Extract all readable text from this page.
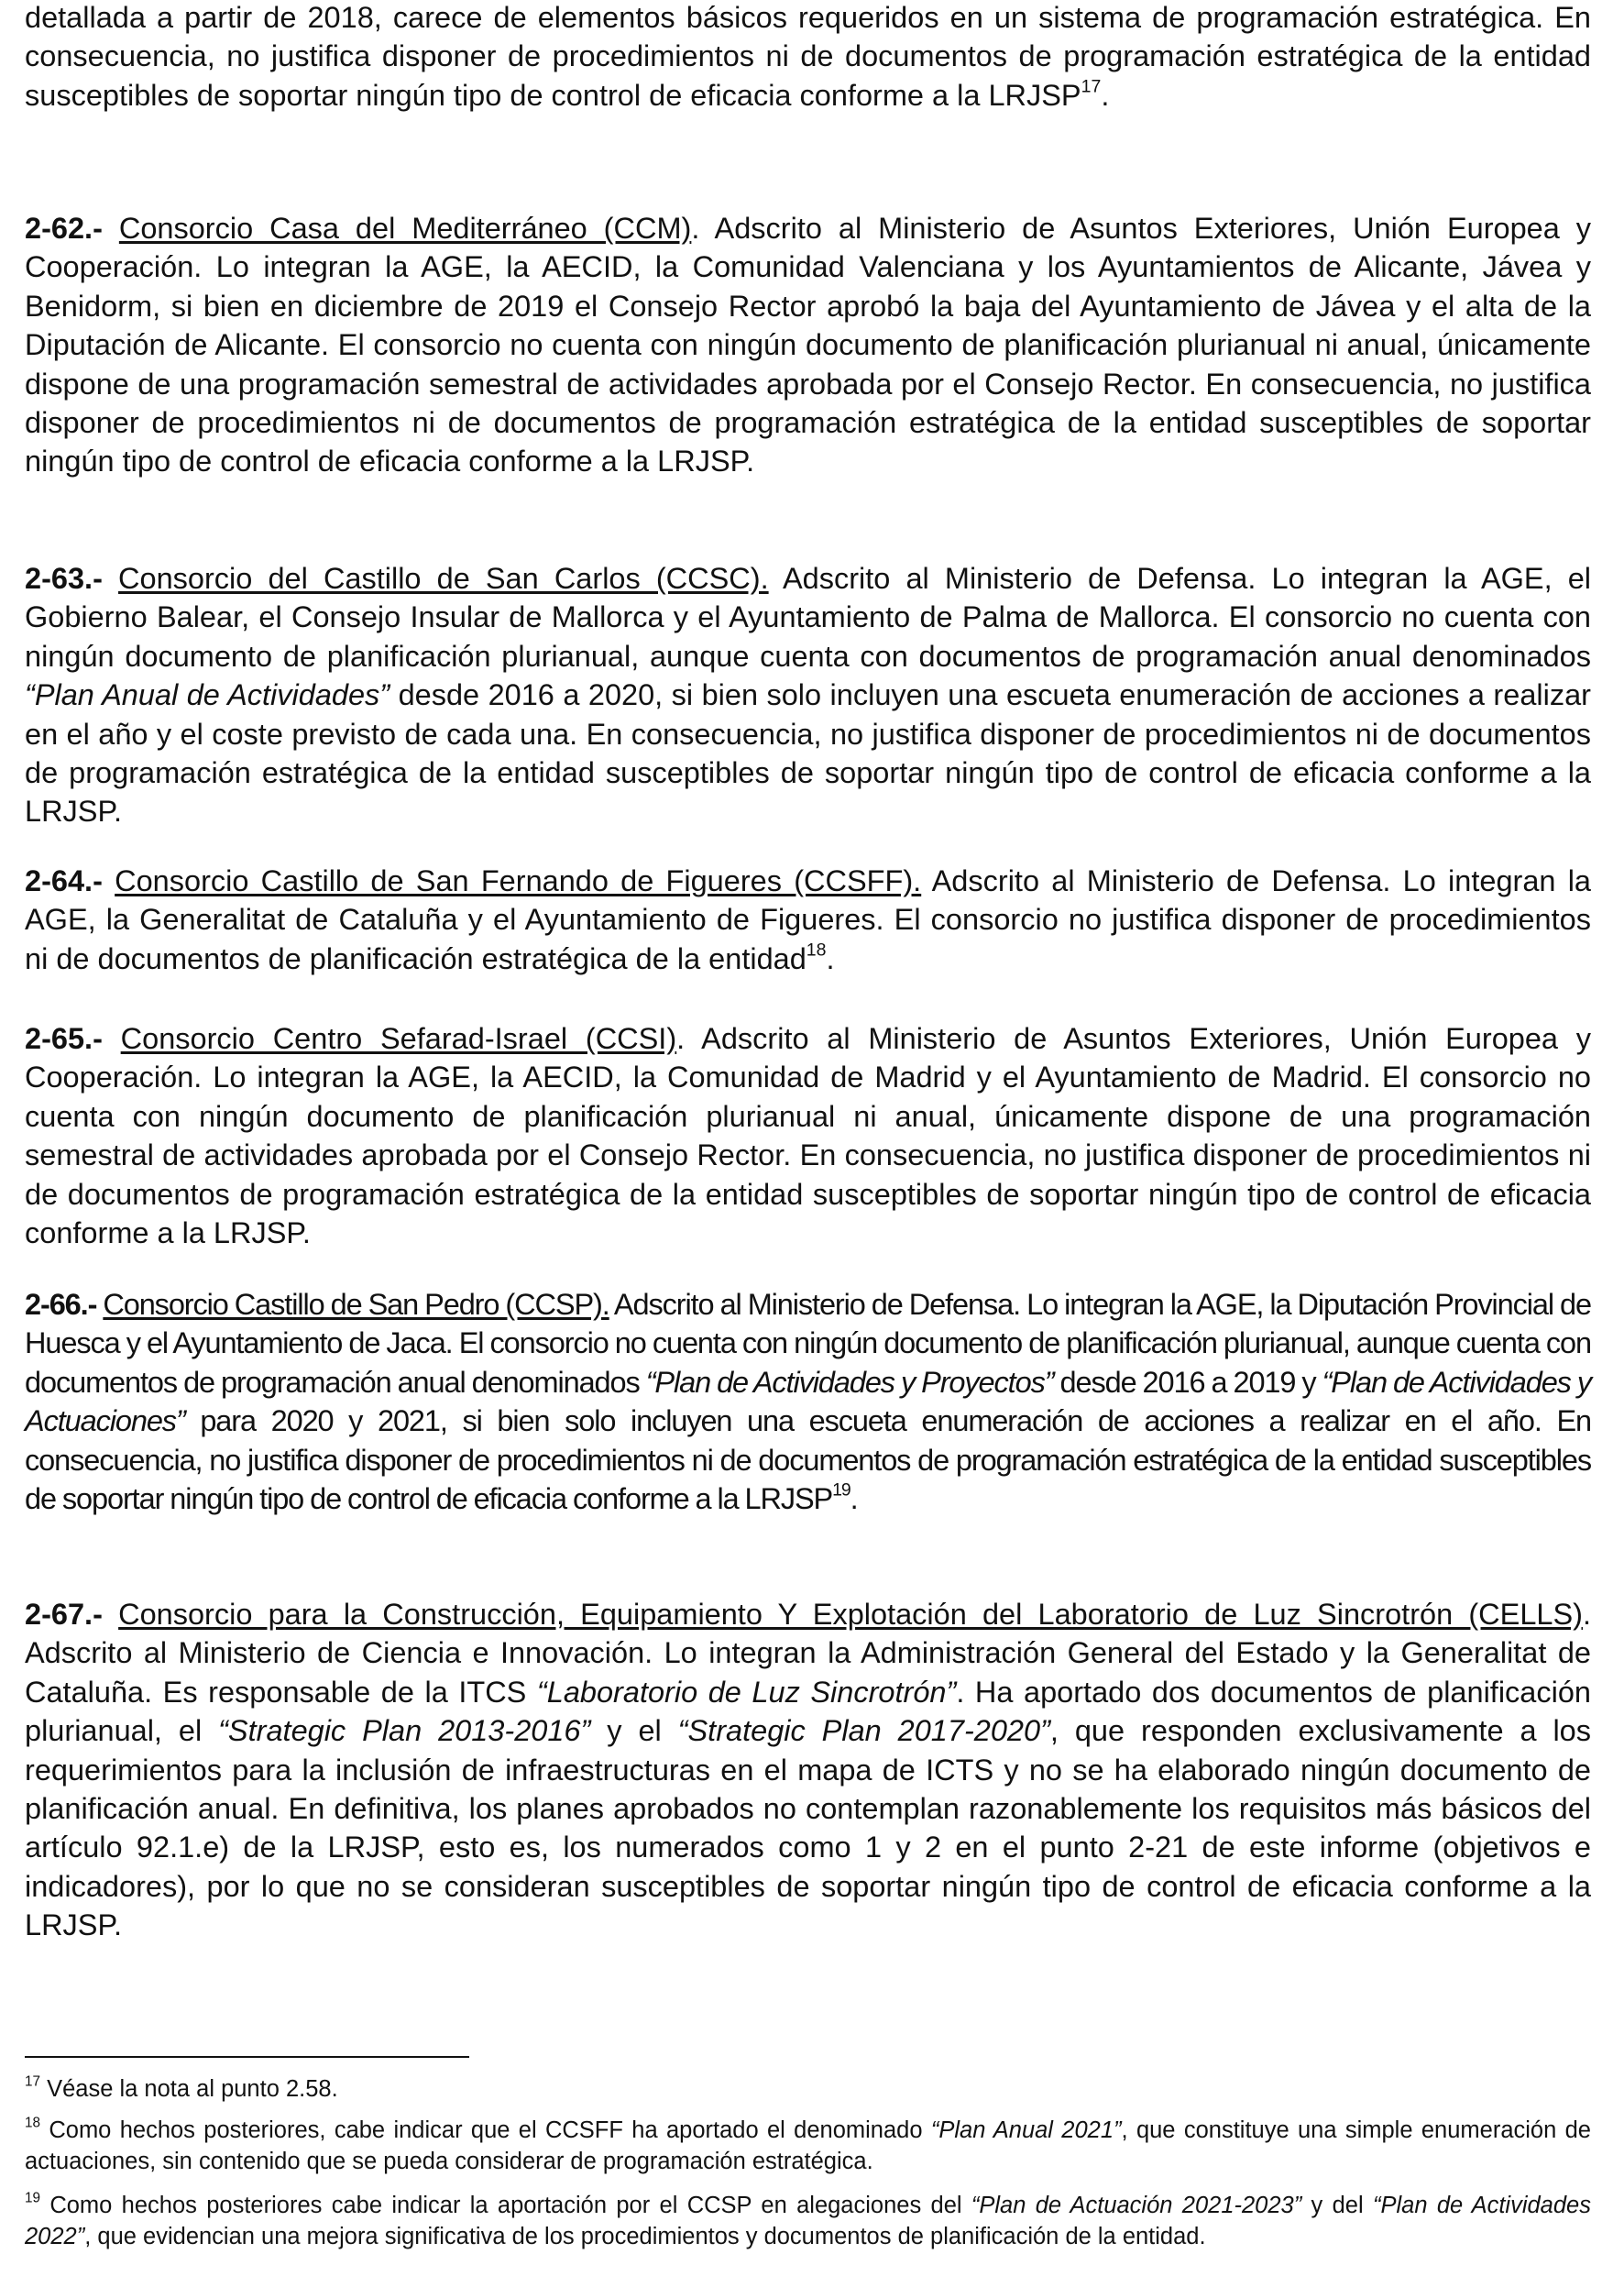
detallada a partir de 2018, carece de elementos básicos requeridos en un sistema de programación estratégica. En consecuencia, no justifica disponer de procedimientos ni de documentos de programación estratégica de la entidad susceptibles de soportar ningún tipo de control de eficacia conforme a la LRJSP$^{17}$.

2-62.- Consorcio Casa del Mediterráneo (CCM). Adscrito al Ministerio de Asuntos Exteriores, Unión Europea y Cooperación. Lo integran la AGE, la AECID, la Comunidad Valenciana y los Ayuntamientos de Alicante, Jávea y Benidorm, si bien en diciembre de 2019 el Consejo Rector aprobó la baja del Ayuntamiento de Jávea y el alta de la Diputación de Alicante. El consorcio no cuenta con ningún documento de planificación plurianual ni anual, únicamente dispone de una programación semestral de actividades aprobada por el Consejo Rector. En consecuencia, no justifica disponer de procedimientos ni de documentos de programación estratégica de la entidad susceptibles de soportar ningún tipo de control de eficacia conforme a la LRJSP.

2-63.- Consorcio del Castillo de San Carlos (CCSC). Adscrito al Ministerio de Defensa. Lo integran la AGE, el Gobierno Balear, el Consejo Insular de Mallorca y el Ayuntamiento de Palma de Mallorca. El consorcio no cuenta con ningún documento de planificación plurianual, aunque cuenta con documentos de programación anual denominados “Plan Anual de Actividades” desde 2016 a 2020, si bien solo incluyen una escueta enumeración de acciones a realizar en el año y el coste previsto de cada una. En consecuencia, no justifica disponer de procedimientos ni de documentos de programación estratégica de la entidad susceptibles de soportar ningún tipo de control de eficacia conforme a la LRJSP.

2-64.- Consorcio Castillo de San Fernando de Figueres (CCSFF). Adscrito al Ministerio de Defensa. Lo integran la AGE, la Generalitat de Cataluña y el Ayuntamiento de Figueres. El consorcio no justifica disponer de procedimientos ni de documentos de planificación estratégica de la entidad$^{18}$.

2-65.- Consorcio Centro Sefarad-Israel (CCSI). Adscrito al Ministerio de Asuntos Exteriores, Unión Europea y Cooperación. Lo integran la AGE, la AECID, la Comunidad de Madrid y el Ayuntamiento de Madrid. El consorcio no cuenta con ningún documento de planificación plurianual ni anual, únicamente dispone de una programación semestral de actividades aprobada por el Consejo Rector. En consecuencia, no justifica disponer de procedimientos ni de documentos de programación estratégica de la entidad susceptibles de soportar ningún tipo de control de eficacia conforme a la LRJSP.

2-66.- Consorcio Castillo de San Pedro (CCSP). Adscrito al Ministerio de Defensa. Lo integran la AGE, la Diputación Provincial de Huesca y el Ayuntamiento de Jaca. El consorcio no cuenta con ningún documento de planificación plurianual, aunque cuenta con documentos de programación anual denominados “Plan de Actividades y Proyectos” desde 2016 a 2019 y “Plan de Actividades y Actuaciones” para 2020 y 2021, si bien solo incluyen una escueta enumeración de acciones a realizar en el año. En consecuencia, no justifica disponer de procedimientos ni de documentos de programación estratégica de la entidad susceptibles de soportar ningún tipo de control de eficacia conforme a la LRJSP$^{19}$.

2-67.- Consorcio para la Construcción, Equipamiento Y Explotación del Laboratorio de Luz Sincrotrón (CELLS). Adscrito al Ministerio de Ciencia e Innovación. Lo integran la Administración General del Estado y la Generalitat de Cataluña. Es responsable de la ITCS “Laboratorio de Luz Sincrotrón”. Ha aportado dos documentos de planificación plurianual, el “Strategic Plan 2013-2016” y el “Strategic Plan 2017-2020”, que responden exclusivamente a los requerimientos para la inclusión de infraestructuras en el mapa de ICTS y no se ha elaborado ningún documento de planificación anual. En definitiva, los planes aprobados no contemplan razonablemente los requisitos más básicos del artículo 92.1.e) de la LRJSP, esto es, los numerados como 1 y 2 en el punto 2-21 de este informe (objetivos e indicadores), por lo que no se consideran susceptibles de soportar ningún tipo de control de eficacia conforme a la LRJSP.

$^{17}$ Véase la nota al punto 2.58.

$^{18}$ Como hechos posteriores, cabe indicar que el CCSFF ha aportado el denominado “Plan Anual 2021”, que constituye una simple enumeración de actuaciones, sin contenido que se pueda considerar de programación estratégica.

$^{19}$ Como hechos posteriores cabe indicar la aportación por el CCSP en alegaciones del “Plan de Actuación 2021-2023” y del “Plan de Actividades 2022”, que evidencian una mejora significativa de los procedimientos y documentos de planificación de la entidad.
